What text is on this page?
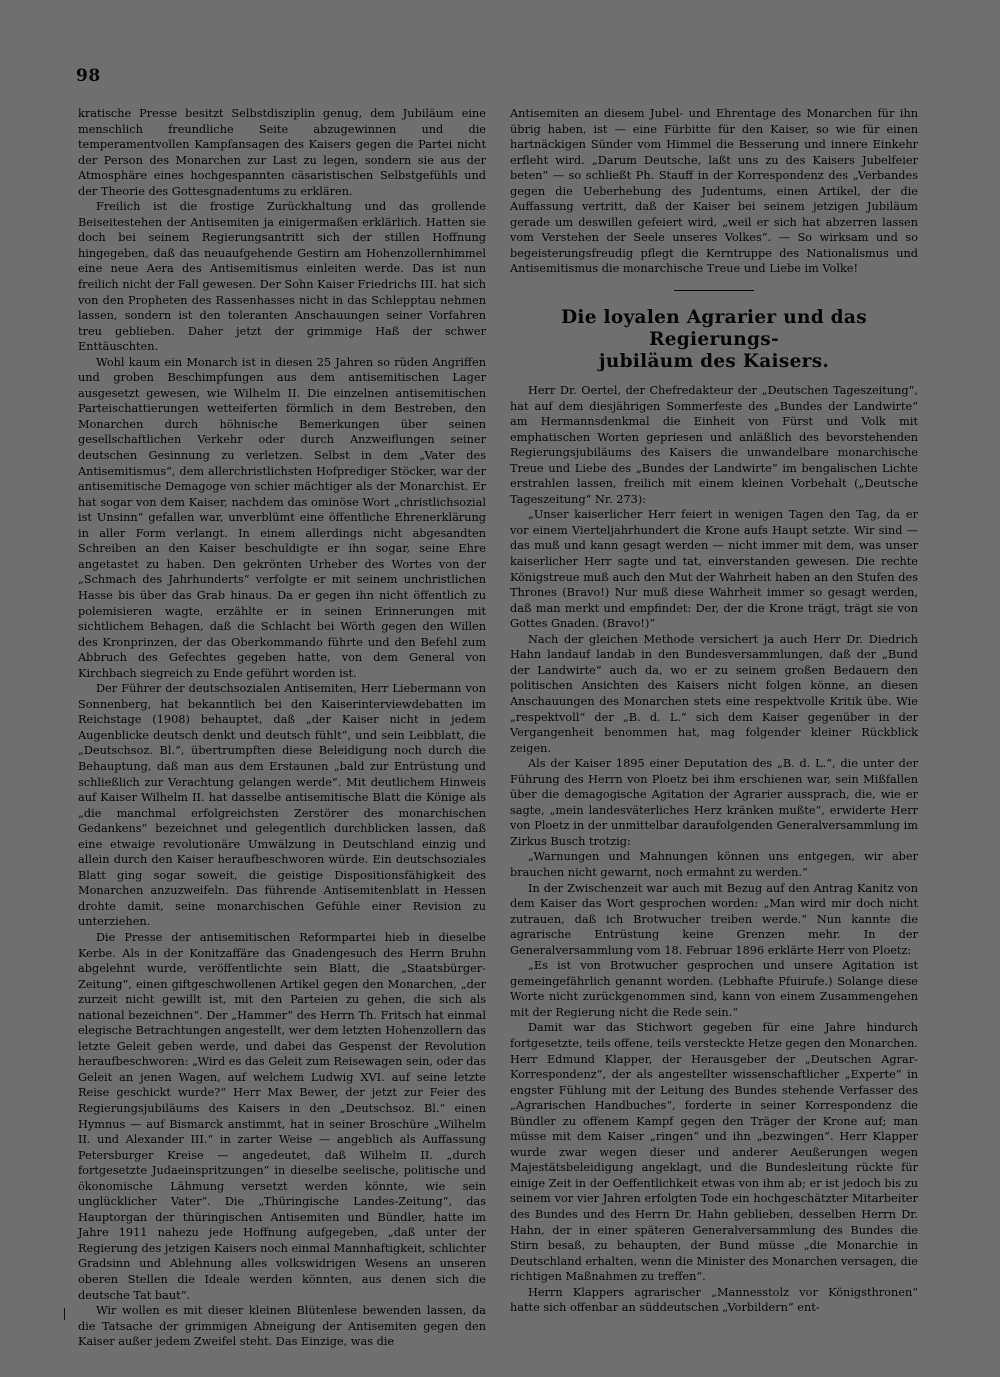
98

kratische Presse besitzt Selbstdisziplin genug, dem Jubiläum eine menschlich freundliche Seite abzugewinnen und die temperamentvollen Kampfansagen des Kaisers gegen die Partei nicht der Person des Monarchen zur Last zu legen, sondern sie aus der Atmosphäre eines hochgespannten cäsaristischen Selbstgefühls und der Theorie des Gottesgnadentums zu erklären.

Freilich ist die frostige Zurückhaltung und das grollende Beiseitestehen der Antisemiten ja einigermaßen erklärlich. Hatten sie doch bei seinem Regierungsantritt sich der stillen Hoffnung hingegeben, daß das neuaufgehende Gestirn am Hohenzollernhimmel eine neue Aera des Antisemitismus einleiten werde. Das ist nun freilich nicht der Fall gewesen. Der Sohn Kaiser Friedrichs III. hat sich von den Propheten des Rassenhasses nicht in das Schlepptau nehmen lassen, sondern ist den toleranten Anschauungen seiner Vorfahren treu geblieben. Daher jetzt der grimmige Haß der schwer Enttäuschten.

Wohl kaum ein Monarch ist in diesen 25 Jahren so rüden Angriffen und groben Beschimpfungen aus dem antisemitischen Lager ausgesetzt gewesen, wie Wilhelm II. Die einzelnen antisemitischen Parteischattierungen wetteiferten förmlich in dem Bestreben, den Monarchen durch höhnische Bemerkungen über seinen gesellschaftlichen Verkehr oder durch Anzweiflungen seiner deutschen Gesinnung zu verletzen. Selbst in dem „Vater des Antisemitismus“, dem allerchristlichsten Hofprediger Stöcker, war der antisemitische Demagoge von schier mächtiger als der Monarchist. Er hat sogar von dem Kaiser, nachdem das ominöse Wort „christlichsozial ist Unsinn“ gefallen war, unverblümt eine öffentliche Ehrenerklärung in aller Form verlangt. In einem allerdings nicht abgesandten Schreiben an den Kaiser beschuldigte er ihn sogar, seine Ehre angetastet zu haben. Den gekrönten Urheber des Wortes von der „Schmach des Jahrhunderts“ verfolgte er mit seinem unchristlichen Hasse bis über das Grab hinaus. Da er gegen ihn nicht öffentlich zu polemisieren wagte, erzählte er in seinen Erinnerungen mit sichtlichem Behagen, daß die Schlacht bei Wörth gegen den Willen des Kronprinzen, der das Oberkommando führte und den Befehl zum Abbruch des Gefechtes gegeben hatte, von dem General von Kirchbach siegreich zu Ende geführt worden ist.

Der Führer der deutschsozialen Antisemiten, Herr Liebermann von Sonnenberg, hat bekanntlich bei den Kaiserinterviewdebatten im Reichstage (1908) behauptet, daß „der Kaiser nicht in jedem Augenblicke deutsch denkt und deutsch fühlt“, und sein Leibblatt, die „Deutschsoz. Bl.“, übertrumpften diese Beleidigung noch durch die Behauptung, daß man aus dem Erstaunen „bald zur Entrüstung und schließlich zur Verachtung gelangen werde“. Mit deutlichem Hinweis auf Kaiser Wilhelm II. hat dasselbe antisemitische Blatt die Könige als „die manchmal erfolgreichsten Zerstörer des monarchischen Gedankens“ bezeichnet und gelegentlich durchblicken lassen, daß eine etwaige revolutionäre Umwälzung in Deutschland einzig und allein durch den Kaiser heraufbeschworen würde. Ein deutschsoziales Blatt ging sogar soweit, die geistige Dispositionsfähigkeit des Monarchen anzuzweifeln. Das führende Antisemitenblatt in Hessen drohte damit, seine monarchischen Gefühle einer Revision zu unterziehen.

Die Presse der antisemitischen Reformpartei hieb in dieselbe Kerbe. Als in der Konitzaffäre das Gnadengesuch des Herrn Bruhn abgelehnt wurde, veröffentlichte sein Blatt, die „Staatsbürger-Zeitung“, einen giftgeschwollenen Artikel gegen den Monarchen, „der zurzeit nicht gewillt ist, mit den Parteien zu gehen, die sich als national bezeichnen“. Der „Hammer“ des Herrn Th. Fritsch hat einmal elegische Betrachtungen angestellt, wer dem letzten Hohenzollern das letzte Geleit geben werde, und dabei das Gespenst der Revolution heraufbeschworen: „Wird es das Geleit zum Reisewagen sein, oder das Geleit an jenen Wagen, auf welchem Ludwig XVI. auf seine letzte Reise geschickt wurde?“ Herr Max Bewer, der jetzt zur Feier des Regierungsjubiläums des Kaisers in den „Deutschsoz. Bl.“ einen Hymnus — auf Bismarck anstimmt, hat in seiner Broschüre „Wilhelm II. und Alexander III.“ in zarter Weise — angeblich als Auffassung Petersburger Kreise — angedeutet, daß Wilhelm II. „durch fortgesetzte Judaeinspritzungen“ in dieselbe seelische, politische und ökonomische Lähmung versetzt werden könnte, wie sein unglücklicher Vater“. Die „Thüringische Landes-Zeitung“, das Hauptorgan der thüringischen Antisemiten und Bündler, hatte im Jahre 1911 nahezu jede Hoffnung aufgegeben, „daß unter der Regierung des jetzigen Kaisers noch einmal Mannhaftigkeit, schlichter Gradsinn und Ablehnung alles volkswidrigen Wesens an unseren oberen Stellen die Ideale werden könnten, aus denen sich die deutsche Tat baut“.

Wir wollen es mit dieser kleinen Blütenlese bewenden lassen, da die Tatsache der grimmigen Abneigung der Antisemiten gegen den Kaiser außer jedem Zweifel steht. Das Einzige, was die

Antisemiten an diesem Jubel- und Ehrentage des Monarchen für ihn übrig haben, ist — eine Fürbitte für den Kaiser, so wie für einen hartnäckigen Sünder vom Himmel die Besserung und innere Einkehr erfleht wird. „Darum Deutsche, laßt uns zu des Kaisers Jubelfeier beten“ — so schließt Ph. Stauff in der Korrespondenz des „Verbandes gegen die Ueberhebung des Judentums, einen Artikel, der die Auffassung vertritt, daß der Kaiser bei seinem jetzigen Jubiläum gerade um deswillen gefeiert wird, „weil er sich hat abzerren lassen vom Verstehen der Seele unseres Volkes“. — So wirksam und so begeisterungsfreudig pflegt die Kerntruppe des Nationalismus und Antisemitismus die monarchische Treue und Liebe im Volke!

Die loyalen Agrarier und das Regierungs-
jubiläum des Kaisers.

Herr Dr. Oertel, der Chefredakteur der „Deutschen Tageszeitung“, hat auf dem diesjährigen Sommerfeste des „Bundes der Landwirte“ am Hermannsdenkmal die Einheit von Fürst und Volk mit emphatischen Worten gepriesen und anläßlich des bevorstehenden Regierungsjubiläums des Kaisers die unwandelbare monarchische Treue und Liebe des „Bundes der Landwirte“ im bengalischen Lichte erstrahlen lassen, freilich mit einem kleinen Vorbehalt („Deutsche Tageszeitung“ Nr. 273):

„Unser kaiserlicher Herr feiert in wenigen Tagen den Tag, da er vor einem Vierteljahrhundert die Krone aufs Haupt setzte. Wir sind — das muß und kann gesagt werden — nicht immer mit dem, was unser kaiserlicher Herr sagte und tat, einverstanden gewesen. Die rechte Königstreue muß auch den Mut der Wahrheit haben an den Stufen des Thrones (Bravo!) Nur muß diese Wahrheit immer so gesagt werden, daß man merkt und empfindet: Der, der die Krone trägt, trägt sie von Gottes Gnaden. (Bravo!)“

Nach der gleichen Methode versichert ja auch Herr Dr. Diedrich Hahn landauf landab in den Bundesversammlungen, daß der „Bund der Landwirte“ auch da, wo er zu seinem großen Bedauern den politischen Ansichten des Kaisers nicht folgen könne, an diesen Anschauungen des Monarchen stets eine respektvolle Kritik übe. Wie „respektvoll“ der „B. d. L.“ sich dem Kaiser gegenüber in der Vergangenheit benommen hat, mag folgender kleiner Rückblick zeigen.

Als der Kaiser 1895 einer Deputation des „B. d. L.“, die unter der Führung des Herrn von Ploetz bei ihm erschienen war, sein Mißfallen über die demagogische Agitation der Agrarier aussprach, die, wie er sagte, „mein landesväterliches Herz kränken mußte“, erwiderte Herr von Ploetz in der unmittelbar daraufolgenden Generalversammlung im Zirkus Busch trotzig:

„Warnungen und Mahnungen können uns entgegen, wir aber brauchen nicht gewarnt, noch ermahnt zu werden.“

In der Zwischenzeit war auch mit Bezug auf den Antrag Kanitz von dem Kaiser das Wort gesprochen worden: „Man wird mir doch nicht zutrauen, daß ich Brotwucher treiben werde.“ Nun kannte die agrarische Entrüstung keine Grenzen mehr. In der Generalversammlung vom 18. Februar 1896 erklärte Herr von Ploetz:

„Es ist von Brotwucher gesprochen und unsere Agitation ist gemeingefährlich genannt worden. (Lebhafte Pfuirufe.) Solange diese Worte nicht zurückgenommen sind, kann von einem Zusammengehen mit der Regierung nicht die Rede sein.“

Damit war das Stichwort gegeben für eine Jahre hindurch fortgesetzte, teils offene, teils versteckte Hetze gegen den Monarchen. Herr Edmund Klapper, der Herausgeber der „Deutschen Agrar-Korrespondenz“, der als angestellter wissenschaftlicher „Experte“ in engster Fühlung mit der Leitung des Bundes stehende Verfasser des „Agrarischen Handbuches“, forderte in seiner Korrespondenz die Bündler zu offenem Kampf gegen den Träger der Krone auf; man müsse mit dem Kaiser „ringen“ und ihn „bezwingen“. Herr Klapper wurde zwar wegen dieser und anderer Aeußerungen wegen Majestätsbeleidigung angeklagt, und die Bundesleitung rückte für einige Zeit in der Oeffentlichkeit etwas von ihm ab; er ist jedoch bis zu seinem vor vier Jahren erfolgten Tode ein hochgeschätzter Mitarbeiter des Bundes und des Herrn Dr. Hahn geblieben, desselben Herrn Dr. Hahn, der in einer späteren Generalversammlung des Bundes die Stirn besaß, zu behaupten, der Bund müsse „die Monarchie in Deutschland erhalten, wenn die Minister des Monarchen versagen, die richtigen Maßnahmen zu treffen“.

Herrn Klappers agrarischer „Mannesstolz vor Königsthronen“ hatte sich offenbar an süddeutschen „Vorbildern“ ent-
